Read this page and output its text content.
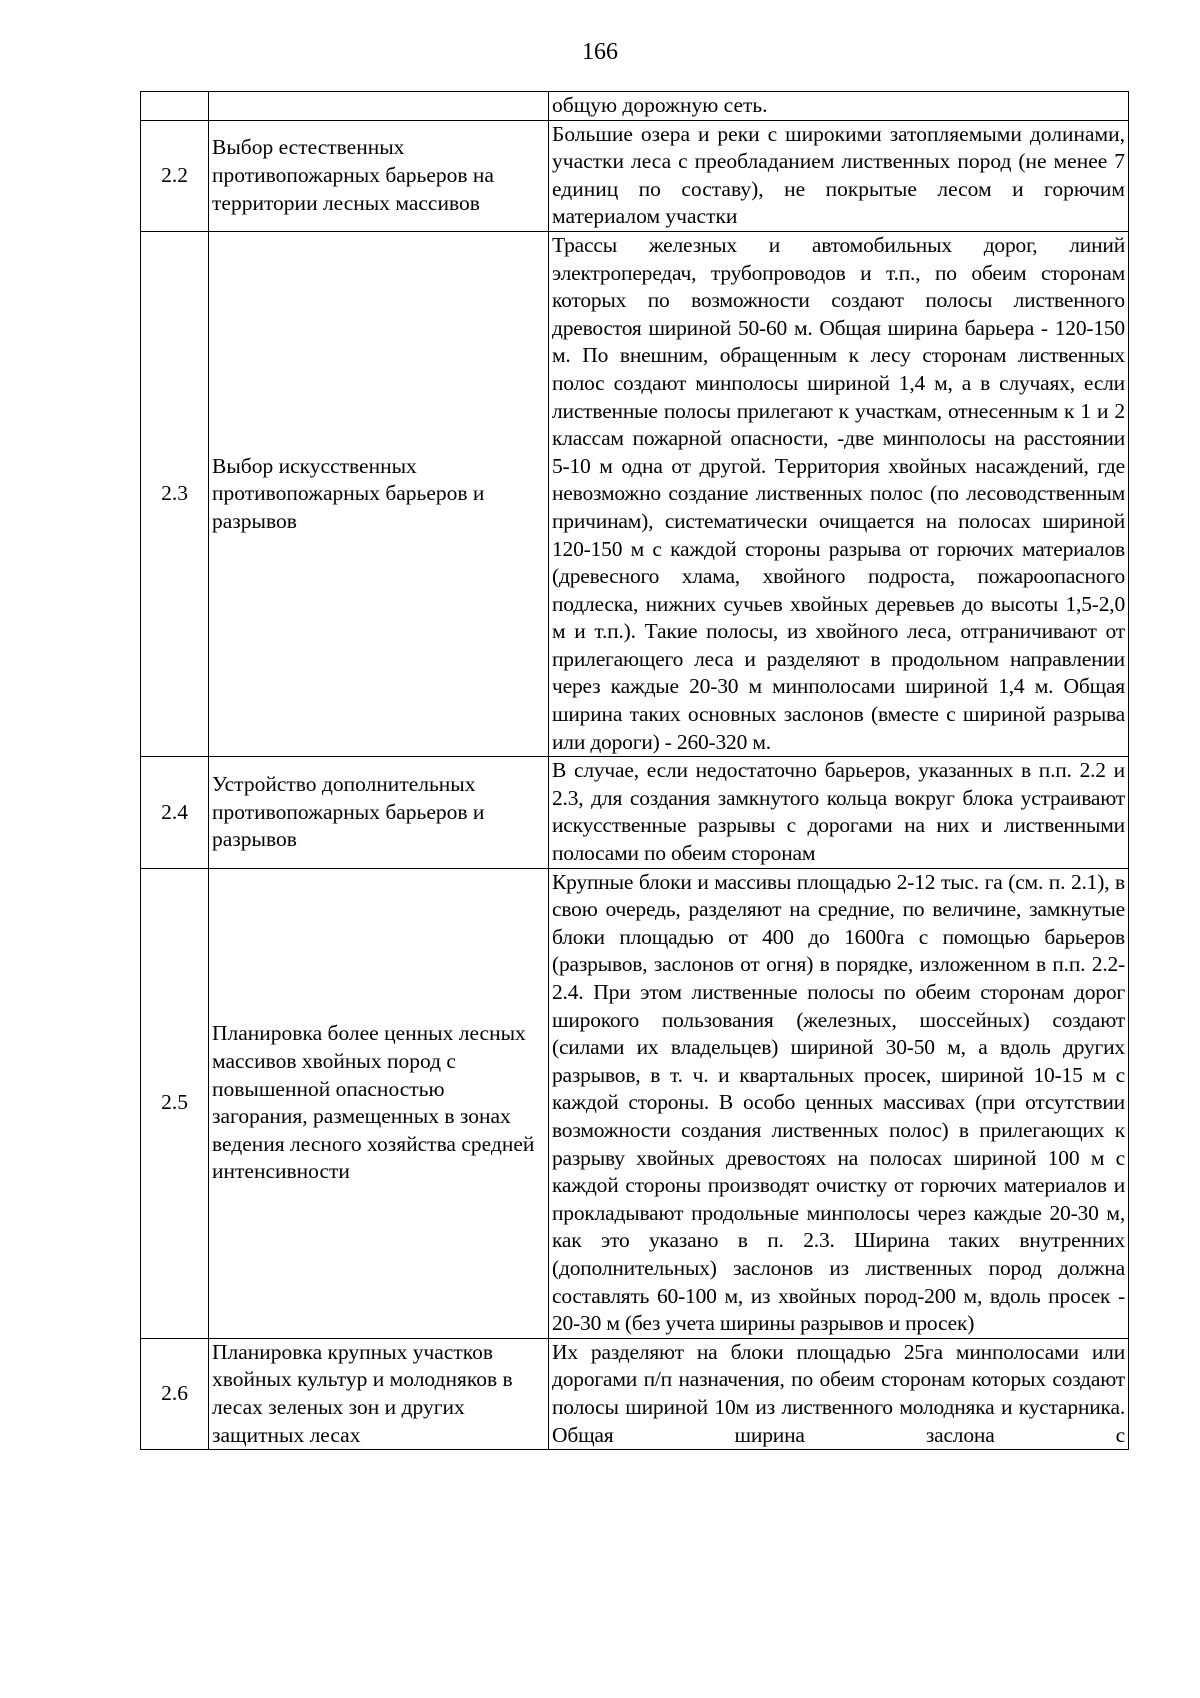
166
		общую дорожную сеть.
2.2	Выбор естественных противопожарных барьеров на территории лесных массивов	Большие озера и реки с широкими затопляемыми долинами, участки леса с преобладанием лиственных пород (не менее 7 единиц по составу), не покрытые лесом и горючим материалом участки
2.3	Выбор искусственных противопожарных барьеров и разрывов	Трассы железных и автомобильных дорог, линий электропередач, трубопроводов и т.п., по обеим сторонам которых по возможности создают полосы лиственного древостоя шириной 50-60 м. Общая ширина барьера - 120-150 м. По внешним, обращенным к лесу сторонам лиственных полос создают минполосы шириной 1,4 м, а в случаях, если лиственные полосы прилегают к участкам, отнесенным к 1 и 2 классам пожарной опасности, -две минполосы на расстоянии 5-10 м одна от другой. Территория хвойных насаждений, где невозможно создание лиственных полос (по лесоводственным причинам), систематически очищается на полосах шириной 120-150 м с каждой стороны разрыва от горючих материалов (древесного хлама, хвойного подроста, пожароопасного подлеска, нижних сучьев хвойных деревьев до высоты 1,5-2,0 м и т.п.). Такие полосы, из хвойного леса, отграничивают от прилегающего леса и разделяют в продольном направлении через каждые 20-30 м минполосами шириной 1,4 м. Общая ширина таких основных заслонов (вместе с шириной разрыва или дороги) - 260-320 м.
2.4	Устройство дополнительных противопожарных барьеров и разрывов	В случае, если недостаточно барьеров, указанных в п.п. 2.2 и 2.3, для создания замкнутого кольца вокруг блока устраивают искусственные разрывы с дорогами на них и лиственными полосами по обеим сторонам
2.5	Планировка более ценных лесных массивов хвойных пород с повышенной опасностью загорания, размещенных в зонах ведения лесного хозяйства средней интенсивности	Крупные блоки и массивы площадью 2-12 тыс. га (см. п. 2.1), в свою очередь, разделяют на средние, по величине, замкнутые блоки площадью от 400 до 1600га с помощью барьеров (разрывов, заслонов от огня) в порядке, изложенном в п.п. 2.2-2.4. При этом лиственные полосы по обеим сторонам дорог широкого пользования (железных, шоссейных) создают (силами их владельцев) шириной 30-50 м, а вдоль других разрывов, в т. ч. и квартальных просек, шириной 10-15 м с каждой стороны. В особо ценных массивах (при отсутствии возможности создания лиственных полос) в прилегающих к разрыву хвойных древостоях на полосах шириной 100 м с каждой стороны производят очистку от горючих материалов и прокладывают продольные минполосы через каждые 20-30 м, как это указано в п. 2.3. Ширина таких внутренних (дополнительных) заслонов из лиственных пород должна составлять 60-100 м, из хвойных пород-200 м, вдоль просек - 20-30 м (без учета ширины разрывов и просек)
2.6	Планировка крупных участков хвойных культур и молодняков в лесах зеленых зон и других защитных лесах	Их разделяют на блоки площадью 25га минполосами или дорогами п/п назначения, по обеим сторонам которых создают полосы шириной 10м из лиственного молодняка и кустарника. Общая ширина заслона с
